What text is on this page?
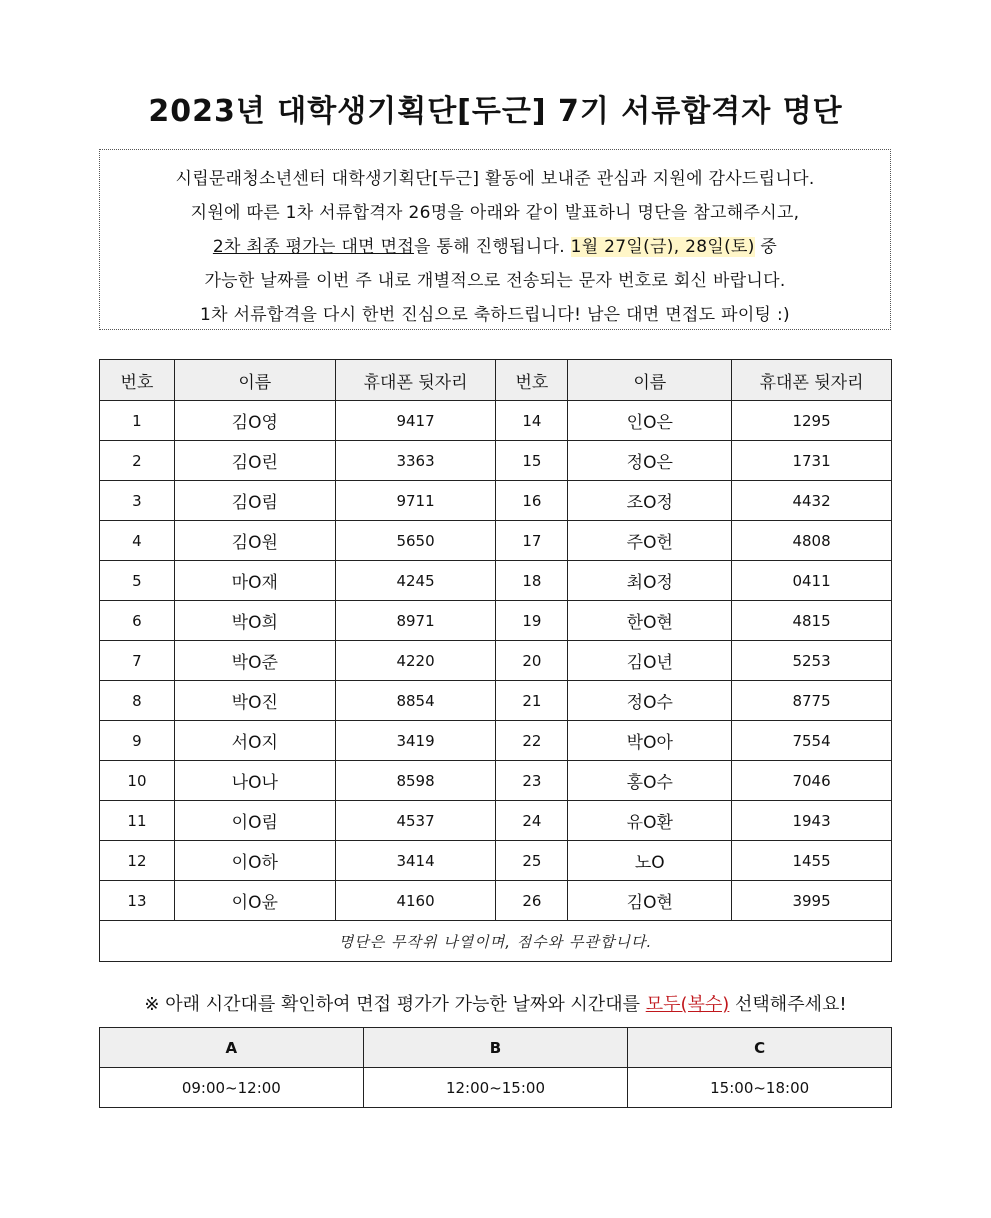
2023년 대학생기획단[두근] 7기 서류합격자 명단
시립문래청소년센터 대학생기획단[두근] 활동에 보내준 관심과 지원에 감사드립니다.
지원에 따른 1차 서류합격자 26명을 아래와 같이 발표하니 명단을 참고해주시고,
2차 최종 평가는 대면 면접을 통해 진행됩니다. 1월 27일(금), 28일(토) 중
가능한 날짜를 이번 주 내로 개별적으로 전송되는 문자 번호로 회신 바랍니다.
1차 서류합격을 다시 한번 진심으로 축하드립니다! 남은 대면 면접도 파이팅 :)
번호	이름	휴대폰 뒷자리	번호	이름	휴대폰 뒷자리
1	김O영	9417	14	인O은	1295
2	김O린	3363	15	정O은	1731
3	김O림	9711	16	조O정	4432
4	김O원	5650	17	주O헌	4808
5	마O재	4245	18	최O정	0411
6	박O희	8971	19	한O현	4815
7	박O준	4220	20	김O년	5253
8	박O진	8854	21	정O수	8775
9	서O지	3419	22	박O아	7554
10	나O나	8598	23	홍O수	7046
11	이O림	4537	24	유O환	1943
12	이O하	3414	25	노O	1455
13	이O윤	4160	26	김O현	3995
명단은 무작위 나열이며, 점수와 무관합니다.					
※ 아래 시간대를 확인하여 면접 평가가 가능한 날짜와 시간대를 모두(복수) 선택해주세요!
A	B	C
09:00~12:00	12:00~15:00	15:00~18:00
